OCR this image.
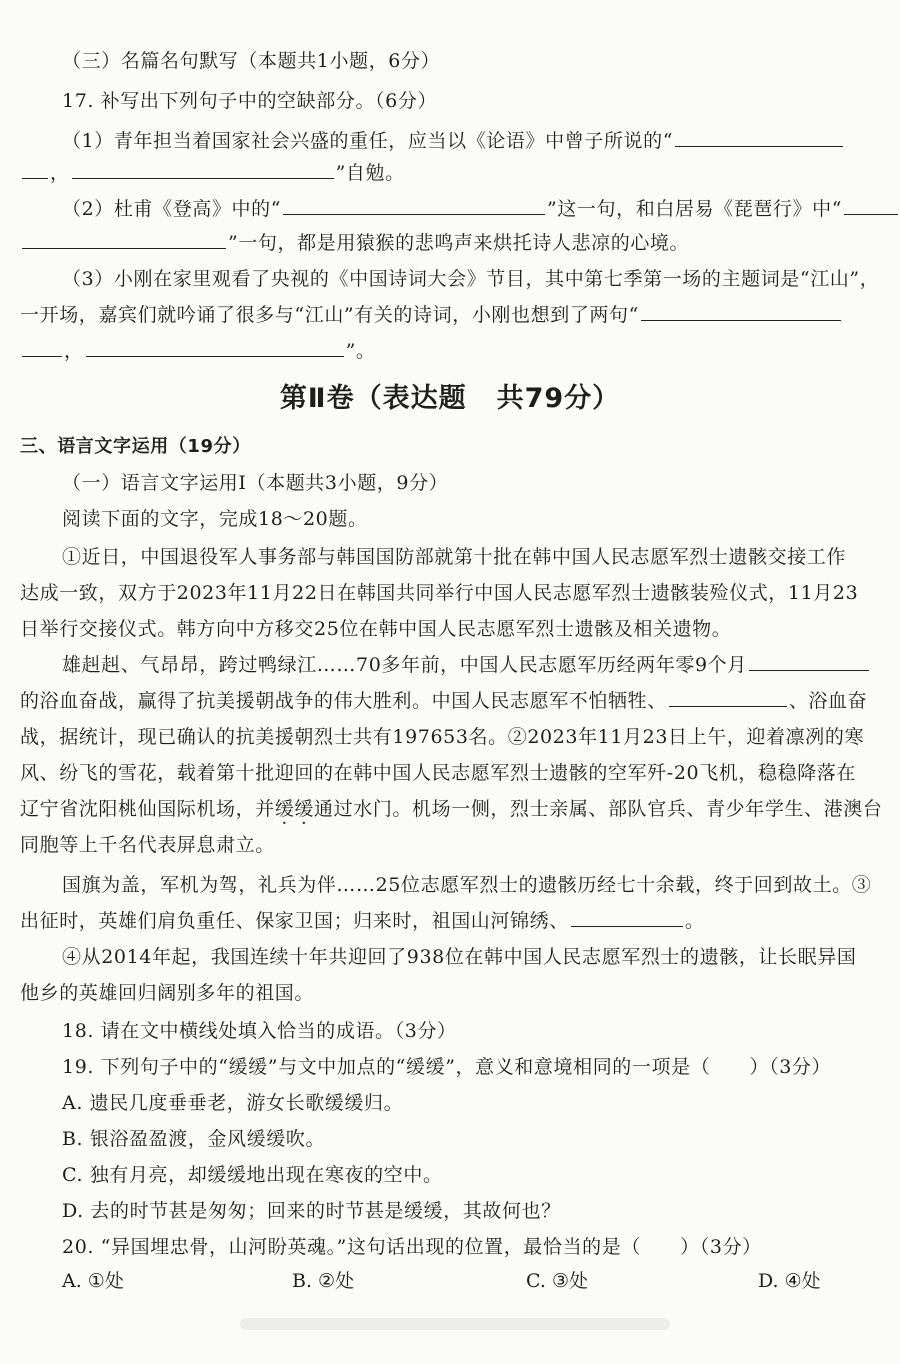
（三）名篇名句默写（本题共1小题，6分）
17. 补写出下列句子中的空缺部分。（6分）
（1）青年担当着国家社会兴盛的重任，应当以《论语》中曾子所说的“
，	”自勉。
（2）杜甫《登高》中的“	”这一句，和白居易《琵琶行》中“
”一句，都是用猿猴的悲鸣声来烘托诗人悲凉的心境。
（3）小刚在家里观看了央视的《中国诗词大会》节目，其中第七季第一场的主题词是“江山”，
一开场，嘉宾们就吟诵了很多与“江山”有关的诗词，小刚也想到了两句“
，	”。
第Ⅱ卷（表达题 共79分）
三、语言文字运用（19分）
（一）语言文字运用Ⅰ（本题共3小题，9分）
阅读下面的文字，完成18～20题。
①近日，中国退役军人事务部与韩国国防部就第十批在韩中国人民志愿军烈士遗骸交接工作
达成一致，双方于2023年11月22日在韩国共同举行中国人民志愿军烈士遗骸装殓仪式，11月23
日举行交接仪式。韩方向中方移交25位在韩中国人民志愿军烈士遗骸及相关遗物。
雄赳赳、气昂昂，跨过鸭绿江……70多年前，中国人民志愿军历经两年零9个月
的浴血奋战，赢得了抗美援朝战争的伟大胜利。中国人民志愿军不怕牺牲、	、浴血奋
战，据统计，现已确认的抗美援朝烈士共有197653名。②2023年11月23日上午，迎着凛冽的寒
风、纷飞的雪花，载着第十批迎回的在韩中国人民志愿军烈士遗骸的空军歼-20飞机，稳稳降落在
辽宁省沈阳桃仙国际机场，并缓缓通过水门。机场一侧，烈士亲属、部队官兵、青少年学生、港澳台
同胞等上千名代表屏息肃立。
国旗为盖，军机为驾，礼兵为伴……25位志愿军烈士的遗骸历经七十余载，终于回到故土。③
出征时，英雄们肩负重任、保家卫国；归来时，祖国山河锦绣、	。
④从2014年起，我国连续十年共迎回了938位在韩中国人民志愿军烈士的遗骸，让长眠异国
他乡的英雄回归阔别多年的祖国。
18. 请在文中横线处填入恰当的成语。（3分）
19. 下列句子中的“缓缓”与文中加点的“缓缓”，意义和意境相同的一项是（　　）（3分）
A. 遗民几度垂垂老，游女长歌缓缓归。
B. 银浴盈盈渡，金风缓缓吹。
C. 独有月亮，却缓缓地出现在寒夜的空中。
D. 去的时节甚是匆匆；回来的时节甚是缓缓，其故何也？
20. “异国埋忠骨，山河盼英魂。”这句话出现的位置，最恰当的是（　　）（3分）
A. ①处	B. ②处	C. ③处	D. ④处
